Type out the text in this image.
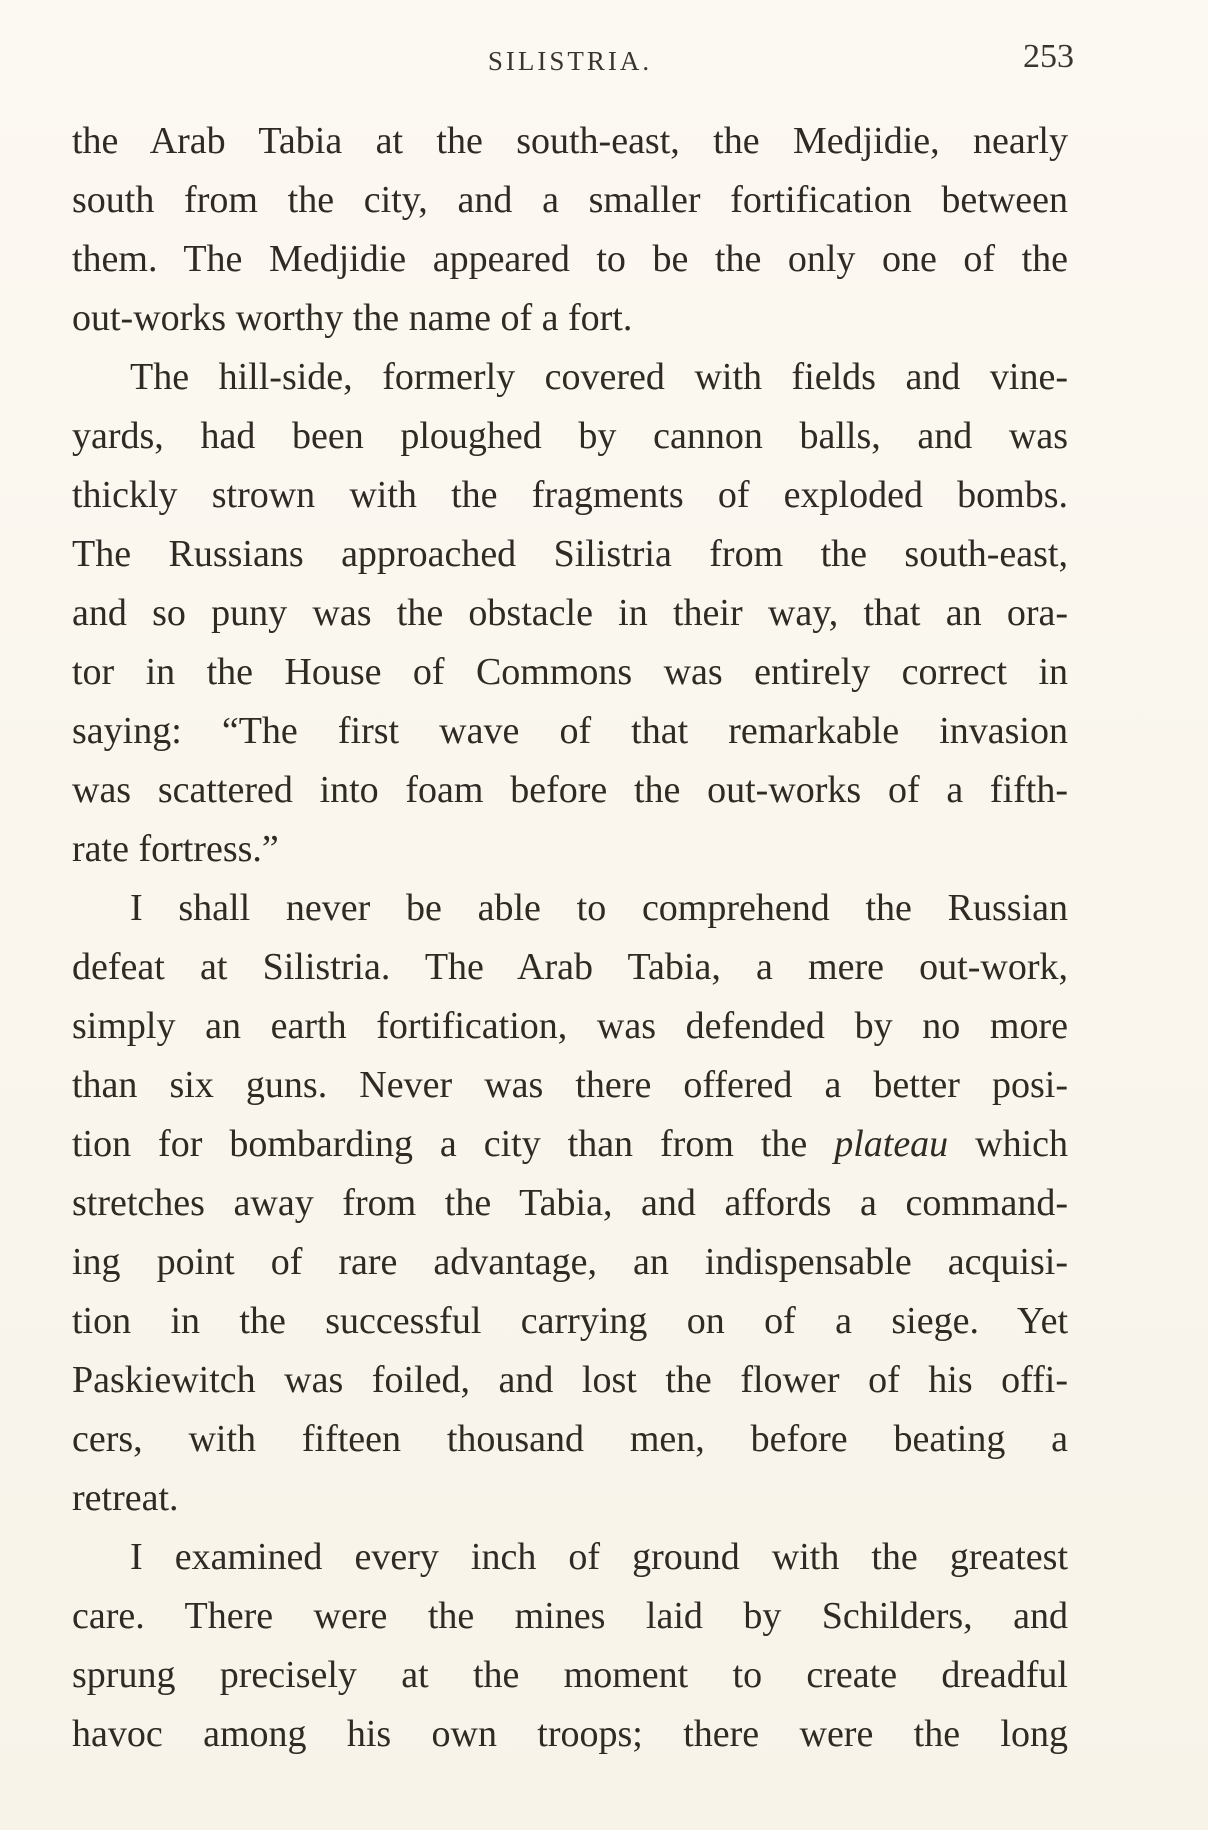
SILISTRIA.	253
the Arab Tabia at the south-east, the Medjidie, nearly
south from the city, and a smaller fortification between
them. The Medjidie appeared to be the only one of the
out-works worthy the name of a fort.
The hill-side, formerly covered with fields and vine-
yards, had been ploughed by cannon balls, and was
thickly strown with the fragments of exploded bombs.
The Russians approached Silistria from the south-east,
and so puny was the obstacle in their way, that an ora-
tor in the House of Commons was entirely correct in
saying: “The first wave of that remarkable invasion
was scattered into foam before the out-works of a fifth-
rate fortress.”
I shall never be able to comprehend the Russian
defeat at Silistria. The Arab Tabia, a mere out-work,
simply an earth fortification, was defended by no more
than six guns. Never was there offered a better posi-
tion for bombarding a city than from the plateau which
stretches away from the Tabia, and affords a command-
ing point of rare advantage, an indispensable acquisi-
tion in the successful carrying on of a siege. Yet
Paskiewitch was foiled, and lost the flower of his offi-
cers, with fifteen thousand men, before beating a
retreat.
I examined every inch of ground with the greatest
care. There were the mines laid by Schilders, and
sprung precisely at the moment to create dreadful
havoc among his own troops; there were the long
